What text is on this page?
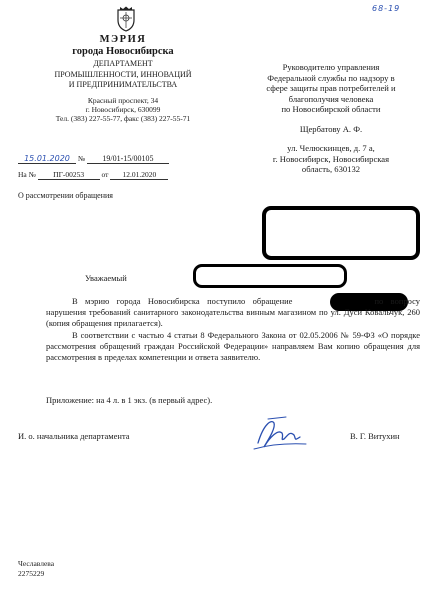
68-19
МЭРИЯ
города Новосибирска
ДЕПАРТАМЕНТ
ПРОМЫШЛЕННОСТИ, ИННОВАЦИЙ
И ПРЕДПРИНИМАТЕЛЬСТВА
Красный проспект, 34
г. Новосибирск, 630099
Тел. (383) 227-55-77, факс (383) 227-55-71
15.01.2020 № 19/01-15/00105
На № ПГ-00253 от 12.01.2020
О рассмотрении обращения
Руководителю управления
Федеральной службы по надзору в
сфере защиты прав потребителей и
благополучия человека
по Новосибирской области
Щербатову А. Ф.
ул. Челюскинцев, д. 7 а,
г. Новосибирск, Новосибирская
область, 630132
Уважаемый

В мэрию города Новосибирска поступило обращение	по вопросу нарушения требований санитарного законодательства винным магазином по ул. Дуси Ковальчук, 260 (копия обращения прилагается).

В соответствии с частью 4 статьи 8 Федерального Закона от 02.05.2006 № 59-ФЗ «О порядке рассмотрения обращений граждан Российской Федерации» направляем Вам копию обращения для рассмотрения в пределах компетенции и ответа заявителю.

Приложение: на 4 л. в 1 экз. (в первый адрес).
И. о. начальника департамента	В. Г. Витухин
Чеславлева
2275229
